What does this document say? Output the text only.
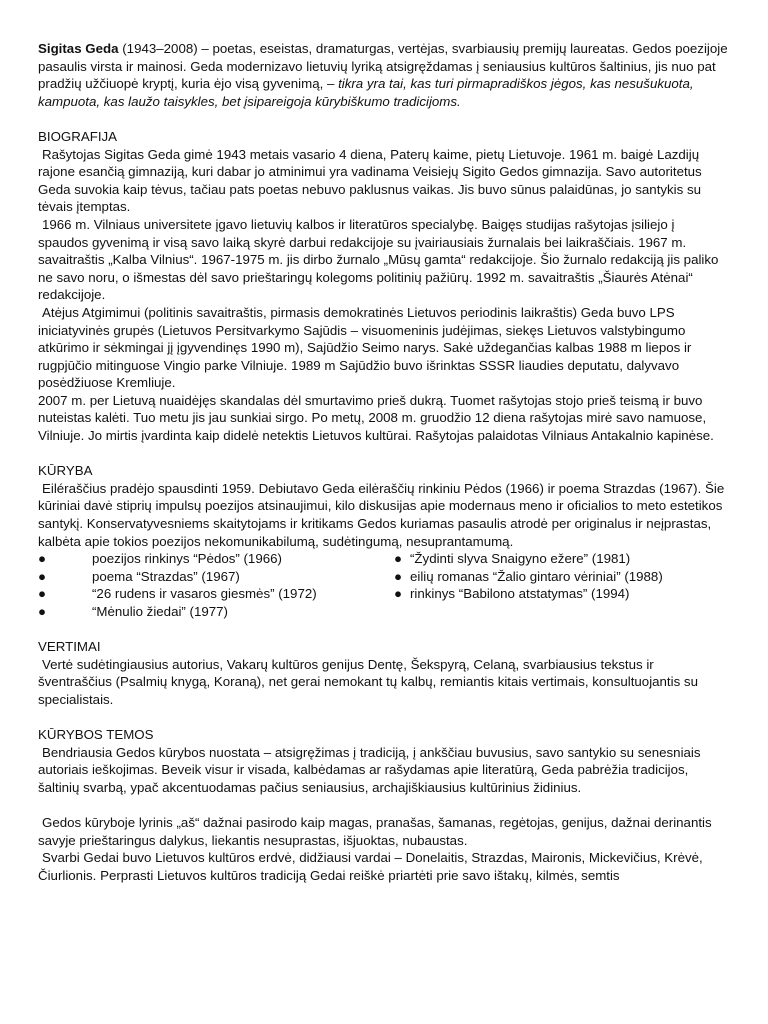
Sigitas Geda (1943–2008) – poetas, eseistas, dramaturgas, vertėjas, svarbiausių premijų laureatas. Gedos poezijoje pasaulis virsta ir mainosi. Geda modernizavo lietuvių lyriką atsigręždamas į seniausius kultūros šaltinius, jis nuo pat pradžių užčiuopė kryptį, kuria ėjo visą gyvenimą, – tikra yra tai, kas turi pirmapradiškos jėgos, kas nesušukuota, kampuota, kas laužo taisykles, bet įsipareigoja kūrybiškumo tradicijoms.

BIOGRAFIJA

Rašytojas Sigitas Geda gimė 1943 metais vasario 4 diena, Paterų kaime, pietų Lietuvoje. 1961 m. baigė Lazdijų rajone esančią gimnaziją, kuri dabar jo atminimui yra vadinama Veisiejų Sigito Gedos gimnazija. Savo autoritetus Geda suvokia kaip tėvus, tačiau pats poetas nebuvo paklusnus vaikas. Jis buvo sūnus palaidūnas, jo santykis su tėvais įtemptas.

1966 m. Vilniaus universitete įgavo lietuvių kalbos ir literatūros specialybę. Baigęs studijas rašytojas įsiliejo į spaudos gyvenimą ir visą savo laiką skyrė darbui redakcijoje su įvairiausiais žurnalais bei laikraščiais. 1967 m. savaitraštis „Kalba Vilnius“. 1967-1975 m. jis dirbo žurnalo „Mūsų gamta“ redakcijoje. Šio žurnalo redakciją jis paliko ne savo noru, o išmestas dėl savo prieštaringų kolegoms politinių pažiūrų. 1992 m. savaitraštis „Šiaurės Atėnai“ redakcijoje.

Atėjus Atgimimui (politinis savaitraštis, pirmasis demokratinės Lietuvos periodinis laikraštis) Geda buvo LPS iniciatyvinės grupės (Lietuvos Persitvarkymo Sajūdis – visuomeninis judėjimas, siekęs Lietuvos valstybingumo atkūrimo ir sėkmingai jį įgyvendinęs 1990 m), Sajūdžio Seimo narys. Sakė uždegančias kalbas 1988 m liepos ir rugpjūčio mitinguose Vingio parke Vilniuje. 1989 m Sajūdžio buvo išrinktas SSSR liaudies deputatu, dalyvavo posėdžiuose Kremliuje.

2007 m. per Lietuvą nuaidėjęs skandalas dėl smurtavimo prieš dukrą. Tuomet rašytojas stojo prieš teismą ir buvo nuteistas kalėti. Tuo metu jis jau sunkiai sirgo. Po metų, 2008 m. gruodžio 12 diena rašytojas mirė savo namuose, Vilniuje. Jo mirtis įvardinta kaip didelė netektis Lietuvos kultūrai. Rašytojas palaidotas Vilniaus Antakalnio kapinėse.

KŪRYBA

Eiléraščius pradėjo spausdinti 1959. Debiutavo Geda eilėraščių rinkiniu Pėdos (1966) ir poema Strazdas (1967). Šie kūriniai davė stiprių impulsų poezijos atsinaujimui, kilo diskusijas apie modernaus meno ir oficialios to meto estetikos santykį. Konservatyvesniems skaitytojams ir kritikams Gedos kuriamas pasaulis atrodė per originalus ir neįprastas, kalbėta apie tokios poezijos nekomunikabilumą, sudėtingumą, nesuprantamumą.

●	poezijos rinkinys “Pėdos” (1966)
●	poema “Strazdas” (1967)
●	“26 rudens ir vasaros giesmės” (1972)
●	“Mėnulio žiedai” (1977)
● “Žydinti slyva Snaigyno ežere” (1981)
● eilių romanas “Žalio gintaro vėriniai” (1988)
● rinkinys “Babilono atstatymas” (1994)

VERTIMAI

Vertė sudėtingiausius autorius, Vakarų kultūros genijus Dentę, Šekspyrą, Celaną, svarbiausius tekstus ir šventraščius (Psalmių knygą, Koraną), net gerai nemokant tų kalbų, remiantis kitais vertimais, konsultuojantis su specialistais.

KŪRYBOS TEMOS

Bendriausia Gedos kūrybos nuostata – atsigręžimas į tradiciją, į ankščiau buvusius, savo santykio su senesniais autoriais ieškojimas. Beveik visur ir visada, kalbėdamas ar rašydamas apie literatūrą, Geda pabrėžia tradicijos, šaltinių svarbą, ypač akcentuodamas pačius seniausius, archajiškiausius kultūrinius židinius.

Gedos kūryboje lyrinis „aš“ dažnai pasirodo kaip magas, pranašas, šamanas, regėtojas, genijus, dažnai derinantis savyje prieštaringus dalykus, liekantis nesuprastas, išjuoktas, nubaustas.

Svarbi Gedai buvo Lietuvos kultūros erdvė, didžiausi vardai – Donelaitis, Strazdas, Maironis, Mickevičius, Krėvė, Čiurlionis. Perprasti Lietuvos kultūros tradiciją Gedai reiškė priartėti prie savo ištakų, kilmės, semtis
